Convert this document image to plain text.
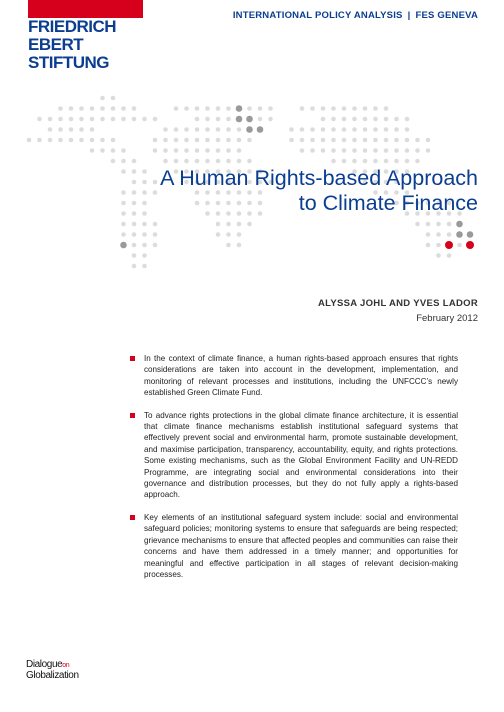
FRIEDRICH
EBERT
STIFTUNG
INTERNATIONAL POLICY ANALYSIS | FES GENEVA
A Human Rights-based Approach
to Climate Finance
ALYSSA JOHL AND YVES LADOR
February 2012
In the context of climate finance, a human rights-based approach ensures that rights considerations are taken into account in the development, implementation, and monitoring of relevant processes and institutions, including the UNFCCC’s newly established Green Climate Fund.
To advance rights protections in the global climate finance architecture, it is essential that climate finance mechanisms establish institutional safeguard systems that effectively prevent social and environmental harm, promote sustainable development, and maximise participation, transparency, accountability, equity, and rights protections. Some existing mechanisms, such as the Global Environment Facility and UN-REDD Programme, are integrating social and environmental considerations into their governance and distribution processes, but they do not fully apply a rights-based approach.
Key elements of an institutional safeguard system include: social and environmental safeguard policies; monitoring systems to ensure that safeguards are being respected; grievance mechanisms to ensure that affected peoples and communities can raise their concerns and have them addressed in a timely manner; and opportunities for meaningful and effective participation in all stages of relevant decision-making processes.
Dialogueon
Globalization
